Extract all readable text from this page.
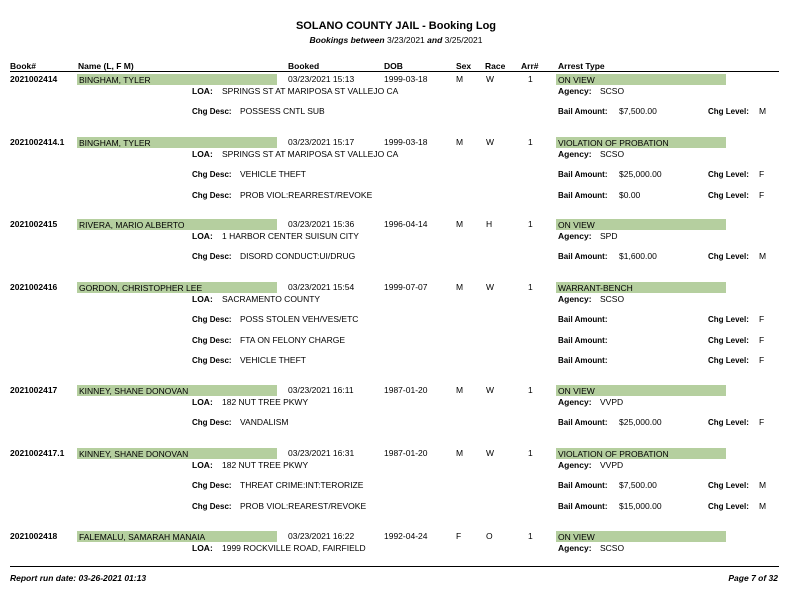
SOLANO COUNTY JAIL - Booking Log
Bookings between 3/23/2021 and 3/25/2021
Book#	Name (L, F M)	Booked	DOB	Sex Race Arr# Arrest Type
2021002414	BINGHAM, TYLER	03/23/2021 15:13	1999-03-18	M	W	1	ON VIEW
LOA: SPRINGS ST AT MARIPOSA ST VALLEJO CA	Agency: SCSO
Chg Desc: POSSESS CNTL SUB	Bail Amount: $7,500.00	Chg Level: M
2021002414.1 BINGHAM, TYLER	03/23/2021 15:17	1999-03-18	M	W	1	VIOLATION OF PROBATION
LOA: SPRINGS ST AT MARIPOSA ST VALLEJO CA	Agency: SCSO
Chg Desc: VEHICLE THEFT	Bail Amount: $25,000.00	Chg Level: F
Chg Desc: PROB VIOL:REARREST/REVOKE	Bail Amount: $0.00	Chg Level: F
2021002415	RIVERA, MARIO ALBERTO	03/23/2021 15:36	1996-04-14	M	H	1	ON VIEW
LOA: 1 HARBOR CENTER SUISUN CITY	Agency: SPD
Chg Desc: DISORD CONDUCT:UI/DRUG	Bail Amount: $1,600.00	Chg Level: M
2021002416	GORDON, CHRISTOPHER LEE	03/23/2021 15:54	1999-07-07	M	W	1	WARRANT-BENCH
LOA: SACRAMENTO COUNTY	Agency: SCSO
Chg Desc: POSS STOLEN VEH/VES/ETC	Bail Amount:	Chg Level: F
Chg Desc: FTA ON FELONY CHARGE	Bail Amount:	Chg Level: F
Chg Desc: VEHICLE THEFT	Bail Amount:	Chg Level: F
2021002417	KINNEY, SHANE DONOVAN	03/23/2021 16:11	1987-01-20	M	W	1	ON VIEW
LOA: 182 NUT TREE PKWY	Agency: VVPD
Chg Desc: VANDALISM	Bail Amount: $25,000.00	Chg Level: F
2021002417.1 KINNEY, SHANE DONOVAN	03/23/2021 16:31	1987-01-20	M	W	1	VIOLATION OF PROBATION
LOA: 182 NUT TREE PKWY	Agency: VVPD
Chg Desc: THREAT CRIME:INT:TERORIZE	Bail Amount: $7,500.00	Chg Level: M
Chg Desc: PROB VIOL:REAREST/REVOKE	Bail Amount: $15,000.00	Chg Level: M
2021002418	FALEMALU, SAMARAH MANAIA	03/23/2021 16:22	1992-04-24	F	O	1	ON VIEW
LOA: 1999 ROCKVILLE ROAD, FAIRFIELD	Agency: SCSO
Report run date: 03-26-2021 01:13	Page 7 of 32
